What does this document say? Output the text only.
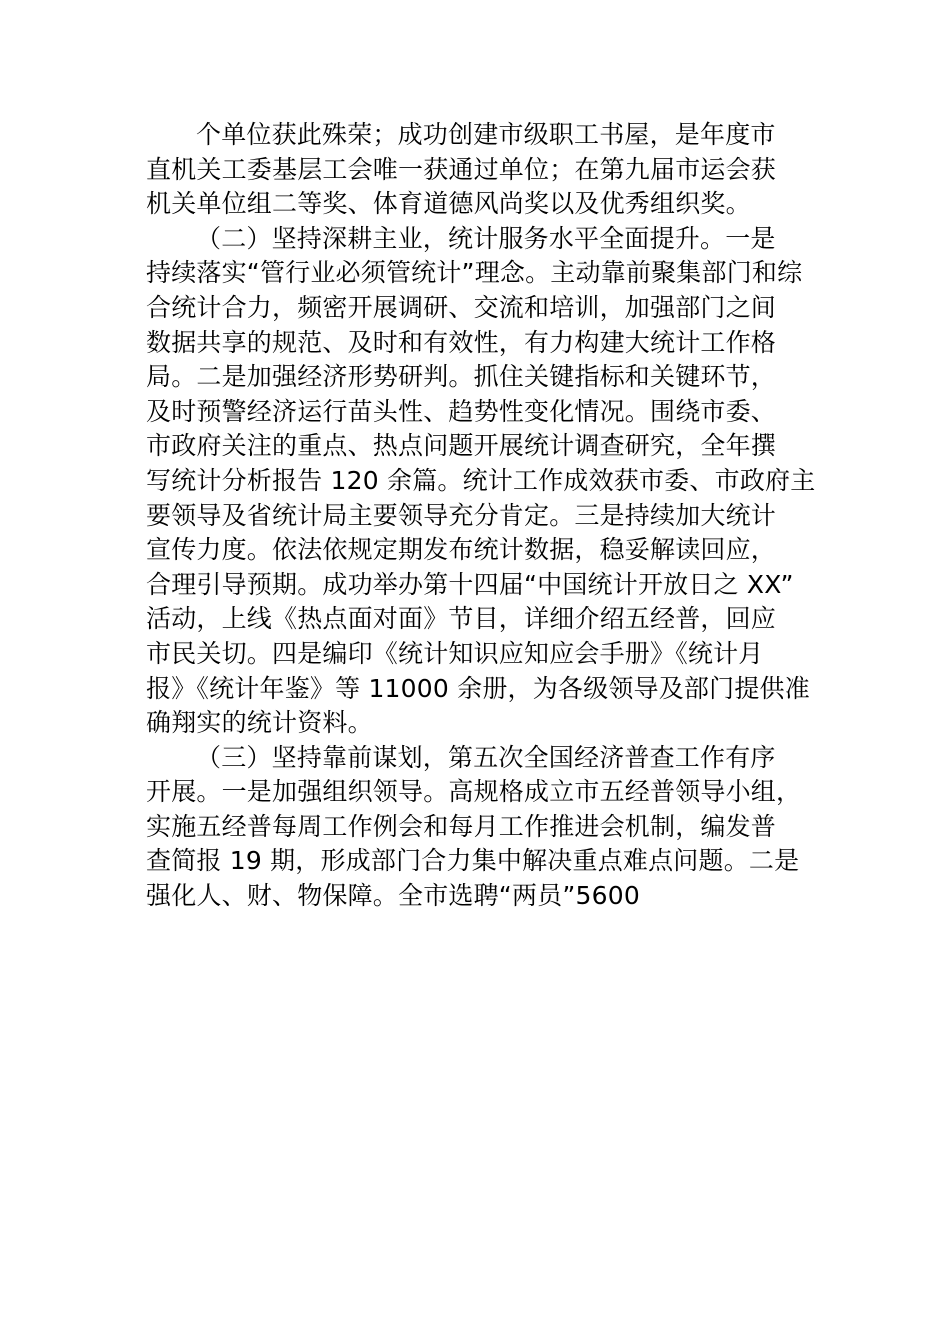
个单位获此殊荣；成功创建市级职工书屋，是年度市
直机关工委基层工会唯一获通过单位；在第九届市运会获
机关单位组二等奖、体育道德风尚奖以及优秀组织奖。
（二）坚持深耕主业，统计服务水平全面提升。一是
持续落实“管行业必须管统计”理念。主动靠前聚集部门和综
合统计合力，频密开展调研、交流和培训，加强部门之间
数据共享的规范、及时和有效性，有力构建大统计工作格
局。二是加强经济形势研判。抓住关键指标和关键环节，
及时预警经济运行苗头性、趋势性变化情况。围绕市委、
市政府关注的重点、热点问题开展统计调查研究，全年撰
写统计分析报告 120 余篇。统计工作成效获市委、市政府主
要领导及省统计局主要领导充分肯定。三是持续加大统计
宣传力度。依法依规定期发布统计数据，稳妥解读回应，
合理引导预期。成功举办第十四届“中国统计开放日之 XX”
活动，上线《热点面对面》节目，详细介绍五经普，回应
市民关切。四是编印《统计知识应知应会手册》《统计月
报》《统计年鉴》等 11000 余册，为各级领导及部门提供准
确翔实的统计资料。
（三）坚持靠前谋划，第五次全国经济普查工作有序
开展。一是加强组织领导。高规格成立市五经普领导小组，
实施五经普每周工作例会和每月工作推进会机制，编发普
查简报 19 期，形成部门合力集中解决重点难点问题。二是
强化人、财、物保障。全市选聘“两员”5600
